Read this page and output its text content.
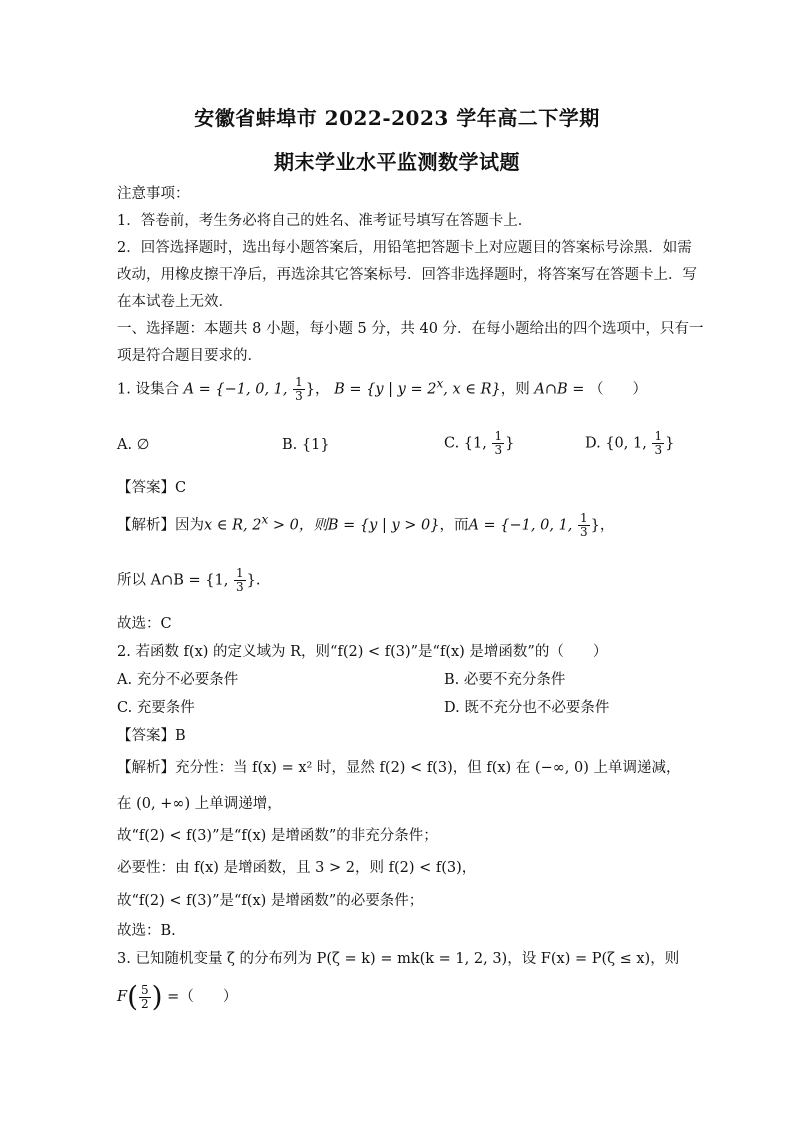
安徽省蚌埠市 2022-2023 学年高二下学期
期末学业水平监测数学试题
注意事项：
1．答卷前，考生务必将自己的姓名、准考证号填写在答题卡上．
2．回答选择题时，选出每小题答案后，用铅笔把答题卡上对应题目的答案标号涂黑．如需
改动，用橡皮擦干净后，再选涂其它答案标号．回答非选择题时，将答案写在答题卡上．写
在本试卷上无效．
一、选择题：本题共 8 小题，每小题 5 分，共 40 分．在每小题给出的四个选项中，只有一
项是符合题目要求的．
1. 设集合 A = {−1, 0, 1, $\frac{1}{3}$ }， B = {y | $y = 2^x$, x ∈ R}，则 A∩B = （　　）
A. ∅	B. {1}	C. {1, $\frac{1}{3}$ }	D. {0, 1, $\frac{1}{3}$ }
【答案】C
【解析】因为x ∈ R, $2^x > 0$，则B = {y | y > 0}，而A = {−1, 0, 1, $\frac{1}{3}$ }，
所以 A∩B = {1, $\frac{1}{3}$ }.
故选：C
2. 若函数 f(x) 的定义域为 R，则“f(2) < f(3)”是“f(x) 是增函数”的（　　）
A. 充分不必要条件	B. 必要不充分条件
C. 充要条件	D. 既不充分也不必要条件
【答案】B
【解析】充分性：当 f(x) = x² 时，显然 f(2) < f(3)，但 f(x) 在 (−∞, 0) 上单调递减，
在 (0, +∞) 上单调递增，
故“f(2) < f(3)”是“f(x) 是增函数”的非充分条件；
必要性：由 f(x) 是增函数，且 3 > 2，则 f(2) < f(3)，
故“f(2) < f(3)”是“f(x) 是增函数”的必要条件；
故选：B.
3. 已知随机变量 ζ 的分布列为 P(ζ = k) = mk(k = 1, 2, 3)，设 F(x) = P(ζ ≤ x)，则
$F( \frac{5}{2}$ ) =（　　）
